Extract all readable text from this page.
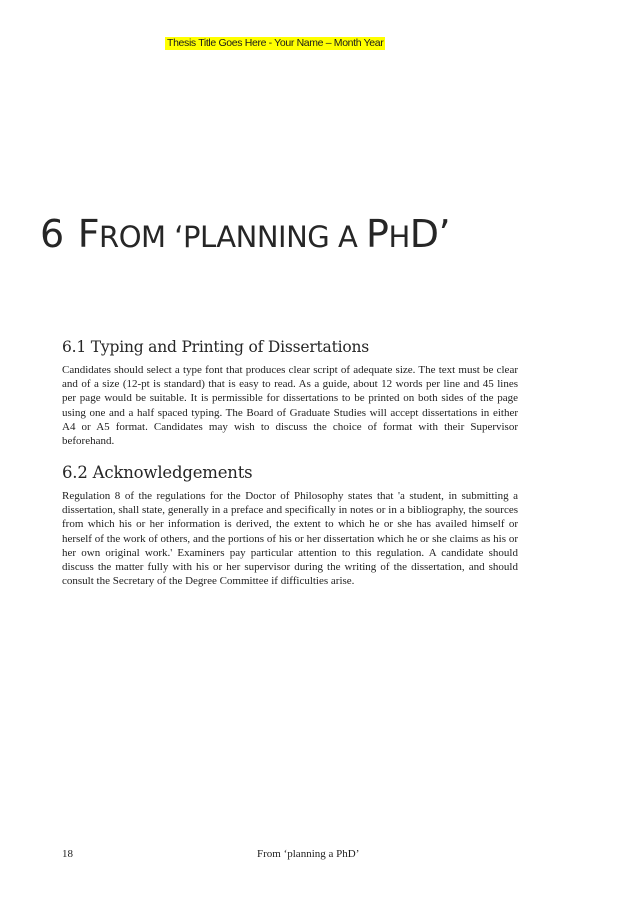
Thesis Title Goes Here - Your Name – Month Year
6 FROM ‘PLANNING A PHD’
6.1 Typing and Printing of Dissertations

Candidates should select a type font that produces clear script of adequate size. The text must be clear and of a size (12-pt is standard) that is easy to read. As a guide, about 12 words per line and 45 lines per page would be suitable. It is permissible for dissertations to be printed on both sides of the page using one and a half spaced typing. The Board of Graduate Studies will accept dissertations in either A4 or A5 format. Candidates may wish to discuss the choice of format with their Supervisor beforehand.

6.2 Acknowledgements

Regulation 8 of the regulations for the Doctor of Philosophy states that 'a student, in submitting a dissertation, shall state, generally in a preface and specifically in notes or in a bibliography, the sources from which his or her information is derived, the extent to which he or she has availed himself or herself of the work of others, and the portions of his or her dissertation which he or she claims as his or her own original work.' Examiners pay particular attention to this regulation. A candidate should discuss the matter fully with his or her supervisor during the writing of the dissertation, and should consult the Secretary of the Degree Committee if difficulties arise.

18	From ‘planning a PhD’
